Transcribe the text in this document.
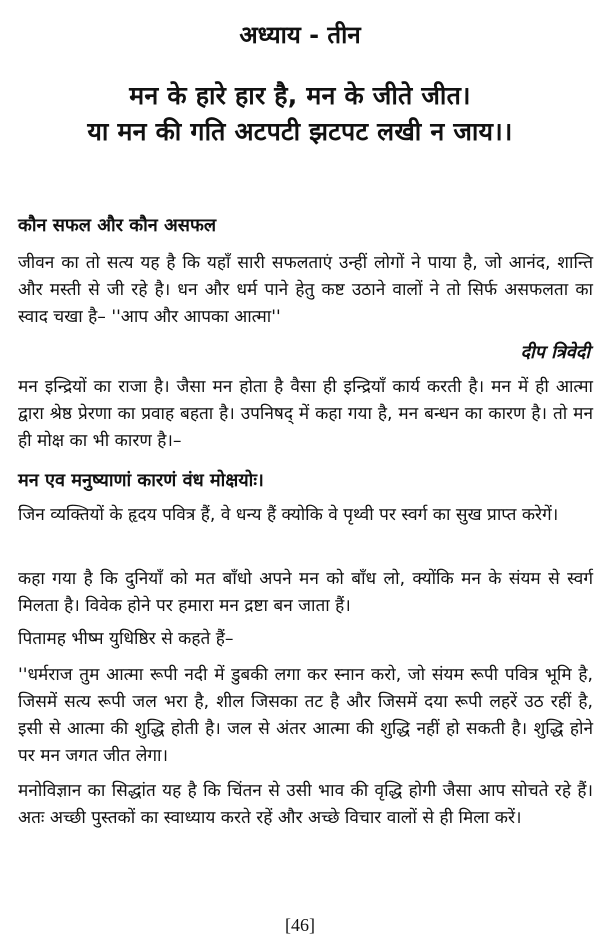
अध्याय - तीन
मन के हारे हार है, मन के जीते जीत।
या मन की गति अटपटी झटपट लखी न जाय।।
कौन सफल और कौन असफल
जीवन का तो सत्य यह है कि यहाँ सारी सफलताएं उन्हीं लोगों ने पाया है, जो आनंद, शान्ति और मस्ती से जी रहे है। धन और धर्म पाने हेतु कष्ट उठाने वालों ने तो सिर्फ असफलता का स्वाद चखा है– ''आप और आपका आत्मा''
दीप त्रिवेदी
मन इन्द्रियों का राजा है। जैसा मन होता है वैसा ही इन्द्रियाँ कार्य करती है। मन में ही आत्मा द्वारा श्रेष्ठ प्रेरणा का प्रवाह बहता है। उपनिषद् में कहा गया है, मन बन्धन का कारण है। तो मन ही मोक्ष का भी कारण है।–
मन एव मनुष्याणां कारणं वंध मोक्षयोः।
जिन व्यक्तियों के हृदय पवित्र हैं, वे धन्य हैं क्योकि वे पृथ्वी पर स्वर्ग का सुख प्राप्त करेगें।
कहा गया है कि दुनियाँ को मत बाँधो अपने मन को बाँध लो, क्योंकि मन के संयम से स्वर्ग मिलता है। विवेक होने पर हमारा मन द्रष्टा बन जाता हैं।
पितामह भीष्म युधिष्ठिर से कहते हैं–
''धर्मराज तुम आत्मा रूपी नदी में डुबकी लगा कर स्नान करो, जो संयम रूपी पवित्र भूमि है, जिसमें सत्य रूपी जल भरा है, शील जिसका तट है और जिसमें दया रूपी लहरें उठ रहीं है, इसी से आत्मा की शुद्धि होती है। जल से अंतर आत्मा की शुद्धि नहीं हो सकती है। शुद्धि होने पर मन जगत जीत लेगा।
मनोविज्ञान का सिद्धांत यह है कि चिंतन से उसी भाव की वृद्धि होगी जैसा आप सोचते रहे हैं। अतः अच्छी पुस्तकों का स्वाध्याय करते रहें और अच्छे विचार वालों से ही मिला करें।
[46]
